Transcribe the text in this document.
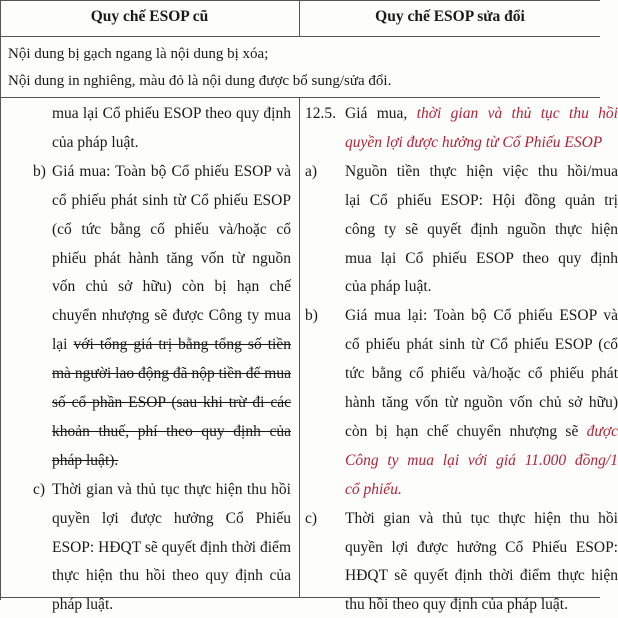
Quy chế ESOP cũ	Quy chế ESOP sửa đổi
Nội dung bị gạch ngang là nội dung bị xóa;
Nội dung in nghiêng, màu đỏ là nội dung được bổ sung/sửa đổi.
mua lại Cổ phiếu ESOP theo quy định
của pháp luật.
b) Giá mua: Toàn bộ Cổ phiếu ESOP và
cổ phiếu phát sinh từ Cổ phiếu ESOP
(cổ tức bằng cổ phiếu và/hoặc cổ
phiếu phát hành tăng vốn từ nguồn
vốn chủ sở hữu) còn bị hạn chế
chuyển nhượng sẽ được Công ty mua
lại với tổng giá trị bằng tổng số tiền
mà người lao động đã nộp tiền để mua
số cổ phần ESOP (sau khi trừ đi các
khoản thuế, phí theo quy định của
pháp luật).
c) Thời gian và thủ tục thực hiện thu hồi
quyền lợi được hưởng Cổ Phiếu
ESOP: HĐQT sẽ quyết định thời điểm
thực hiện thu hồi theo quy định của
pháp luật.
12.5. Giá mua, thời gian và thủ tục thu hồi
quyền lợi được hưởng từ Cổ Phiếu ESOP
a) Nguồn tiền thực hiện việc thu hồi/mua
lại Cổ phiếu ESOP: Hội đồng quản trị
công ty sẽ quyết định nguồn thực hiện
mua lại Cổ phiếu ESOP theo quy định
của pháp luật.
b) Giá mua lại: Toàn bộ Cổ phiếu ESOP và
cổ phiếu phát sinh từ Cổ phiếu ESOP (cổ
tức bằng cổ phiếu và/hoặc cổ phiếu phát
hành tăng vốn từ nguồn vốn chủ sở hữu)
còn bị hạn chế chuyển nhượng sẽ được
Công ty mua lại với giá 11.000 đồng/1
cổ phiếu.
c) Thời gian và thủ tục thực hiện thu hồi
quyền lợi được hưởng Cổ Phiếu ESOP:
HĐQT sẽ quyết định thời điểm thực hiện
thu hồi theo quy định của pháp luật.
